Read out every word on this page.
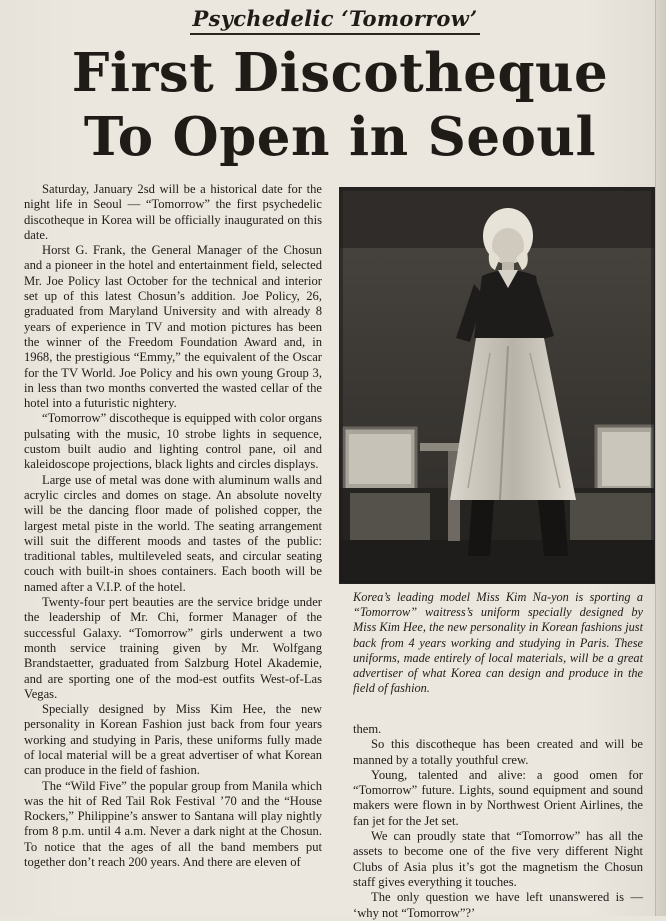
Psychedelic ‘Tomorrow’
First Discotheque
To Open in Seoul

Saturday, January 2sd will be a historical date for the night life in Seoul — “Tomorrow” the first psychedelic discotheque in Korea will be officially inaugurated on this date.

Horst G. Frank, the General Manager of the Chosun and a pioneer in the hotel and entertainment field, selected Mr. Joe Policy last October for the technical and interior set up of this latest Chosun’s addition. Joe Policy, 26, graduated from Maryland University and with already 8 years of experience in TV and motion pictures has been the winner of the Freedom Foundation Award and, in 1968, the prestigious “Emmy,” the equivalent of the Oscar for the TV World. Joe Policy and his own young Group 3, in less than two months converted the wasted cellar of the hotel into a futuristic nightery.

“Tomorrow” discotheque is equipped with color organs pulsating with the music, 10 strobe lights in sequence, custom built audio and lighting control pane, oil and kaleidoscope projections, black lights and circles displays.

Large use of metal was done with aluminum walls and acrylic circles and domes on stage. An absolute novelty will be the dancing floor made of polished copper, the largest metal piste in the world. The seating arrangement will suit the different moods and tastes of the public: traditional tables, multileveled seats, and circular seating couch with built-in shoes containers. Each booth will be named after a V.I.P. of the hotel.

Twenty-four pert beauties are the service bridge under the leadership of Mr. Chi, former Manager of the successful Galaxy. “Tomorrow” girls underwent a two month service training given by Mr. Wolfgang Brandstaetter, graduated from Salzburg Hotel Akademie, and are sporting one of the mod-est outfits West-of-Las Vegas.

Specially designed by Miss Kim Hee, the new personality in Korean Fashion just back from four years working and studying in Paris, these uniforms fully made of local material will be a great advertiser of what Korean can produce in the field of fashion.

The “Wild Five” the popular group from Manila which was the hit of Red Tail Rok Festival ’70 and the “House Rockers,” Philippine’s answer to Santana will play nightly from 8 p.m. until 4 a.m. Never a dark night at the Chosun. To notice that the ages of all the band members put together don’t reach 200 years. And there are eleven of

Korea’s leading model Miss Kim Na-yon is sporting a “Tomorrow” waitress’s uniform specially designed by Miss Kim Hee, the new personality in Korean fashions just back from 4 years working and studying in Paris. These uniforms, made entirely of local materials, will be a great advertiser of what Korea can design and produce in the field of fashion.

them.

So this discotheque has been created and will be manned by a totally youthful crew.

Young, talented and alive: a good omen for “Tomorrow” future. Lights, sound equipment and sound makers were flown in by Northwest Orient Airlines, the fan jet for the Jet set.

We can proudly state that “Tomorrow” has all the assets to become one of the five very different Night Clubs of Asia plus it’s got the magnetism the Chosun staff gives everything it touches.

The only question we have left unanswered is — ‘why not “Tomorrow”?’
